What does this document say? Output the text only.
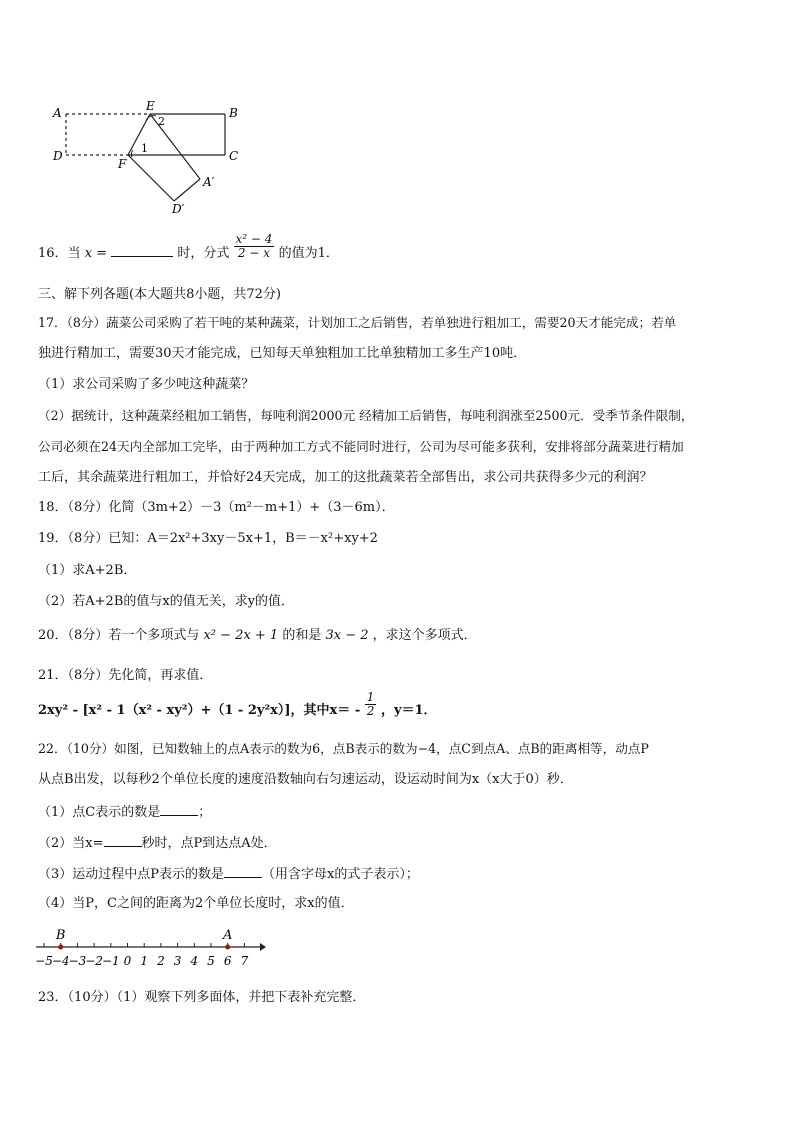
A	E	B
D
F
C
A′
D′
1
2
16．当 x =	时，分式 $\frac{\text{x² − 4}}{2 - x}$ 的值为1．
三、解下列各题(本大题共8小题，共72分)
17．（8分）蔬菜公司采购了若干吨的某种蔬菜，计划加工之后销售，若单独进行粗加工，需要20天才能完成；若单
独进行精加工，需要30天才能完成，已知每天单独粗加工比单独精加工多生产10吨．
（1）求公司采购了多少吨这种蔬菜？
（2）据统计，这种蔬菜经粗加工销售，每吨利润2000元 经精加工后销售，每吨利润涨至2500元．受季节条件限制，
公司必须在24天内全部加工完毕，由于两种加工方式不能同时进行，公司为尽可能多获利，安排将部分蔬菜进行精加
工后，其余蔬菜进行粗加工，并恰好24天完成，加工的这批蔬菜若全部售出，求公司共获得多少元的利润？
18．（8分）化简（3m+2）－3（m²－m+1）+（3－6m）．
19．（8分）已知：A＝2x²+3xy－5x+1，B＝－x²+xy+2
（1）求A+2B．
（2）若A+2B的值与x的值无关，求y的值．
20．（8分）若一个多项式与 x² − 2x + 1 的和是 3x − 2 ，求这个多项式．
21．（8分）先化简，再求值．
2xy² - [x² - 1（x² - xy²）+（1 - 2y²x）]，其中$x= - \frac{1}{2}$ ，y＝1．
22．（10分）如图，已知数轴上的点A表示的数为6，点B表示的数为−4，点C到点A、点B的距离相等，动点P
从点B出发，以每秒2个单位长度的速度沿数轴向右匀速运动，设运动时间为x（x大于0）秒．
（1）点C表示的数是	；
（2）当x=	秒时，点P到达点A处．
（3）运动过程中点P表示的数是	（用含字母x的式子表示）；
（4）当P，C之间的距离为2个单位长度时，求x的值．
−5
−4
−3
−2
−1 0 1 2 3 4 5 6 7
B	A
23．（10分）（1）观察下列多面体，并把下表补充完整．
